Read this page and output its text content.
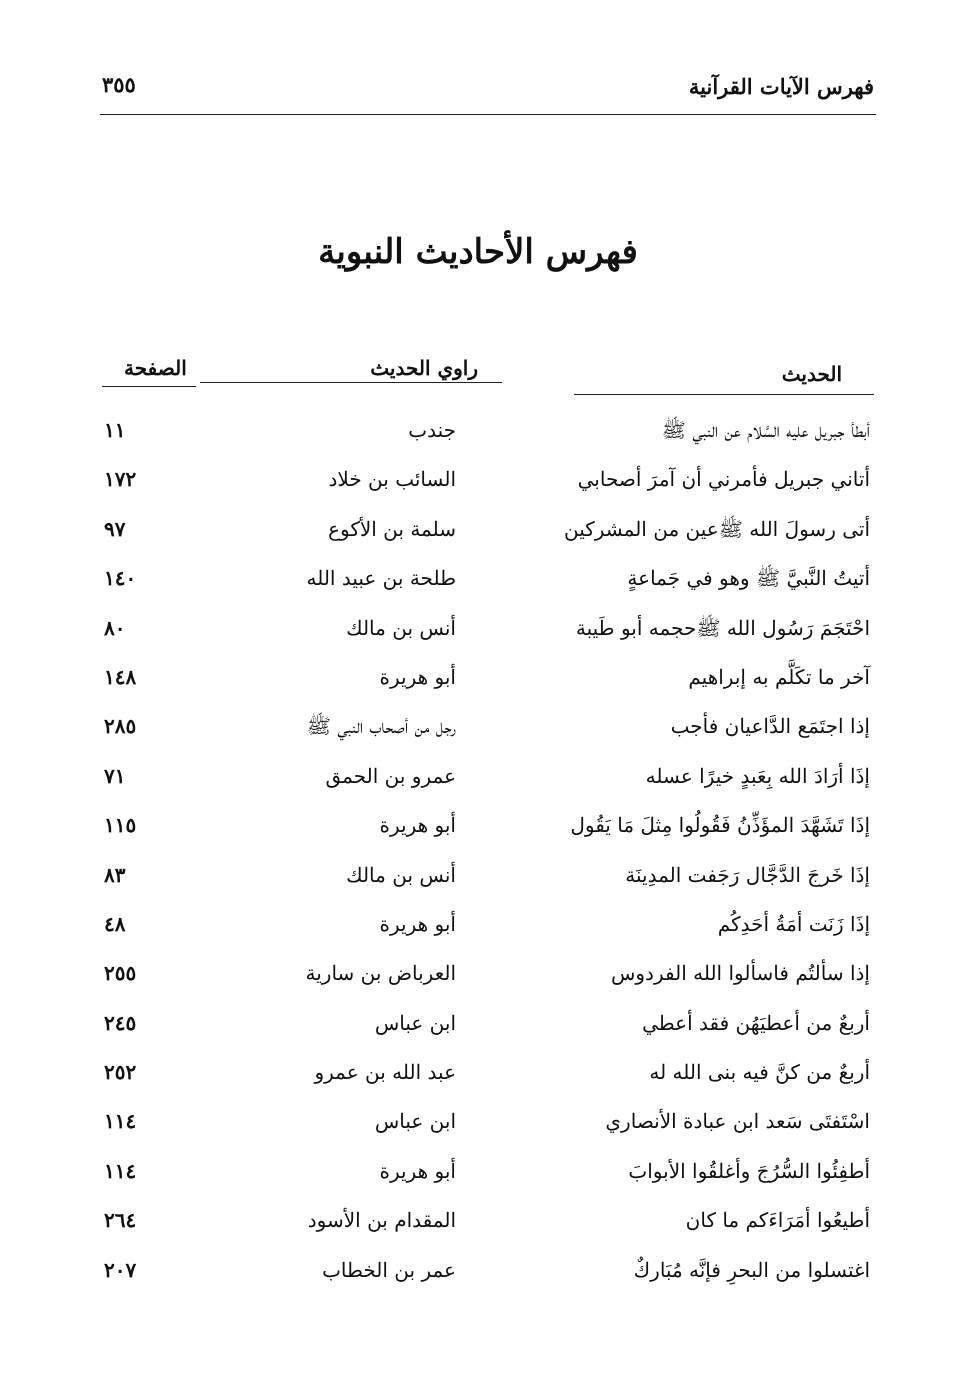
فهرس الآيات القرآنية
٣٥٥
فهرس الأحاديث النبوية
الحديث
راوي الحديث
الصفحة
أبطأ جبريل عليه السَّلام عن النبي ﷺ
جندب
١١
أتاني جبريل فأمرني أن آمرَ أصحابي
السائب بن خلاد
١٧٢
أتى رسولَ الله ﷺعين من المشركين
سلمة بن الأكوع
٩٧
أتيتُ النَّبيَّ ﷺ وهو في جَماعةٍ
طلحة بن عبيد الله
١٤٠
احْتَجَمَ رَسُول الله ﷺحجمه أبو طَيبة
أنس بن مالك
٨٠
آخر ما تكَلَّم به إبراهيم
أبو هريرة
١٤٨
إذا اجتَمَع الدَّاعيان فأجب
رجل من أصحاب النبي ﷺ
٢٨٥
إذَا أرَادَ الله بِعَبدٍ خيرًا عسله
عمرو بن الحمق
٧١
إذَا تَشَهَّدَ المؤَذِّنُ فَقُولُوا مِثلَ مَا يَقُول
أبو هريرة
١١٥
إذَا خَرجَ الدَّجَّال رَجَفت المدِينَة
أنس بن مالك
٨٣
إذَا زَنَت أمَةُ أحَدِكُم
أبو هريرة
٤٨
إذا سألتُم فاسألوا الله الفردوس
العرباض بن سارية
٢٥٥
أربعٌ من أعطيَهُن فقد أعطي
ابن عباس
٢٤٥
أربعٌ من كنَّ فيه بنى الله له
عبد الله بن عمرو
٢٥٢
اسْتَفتَى سَعد ابن عبادة الأنصاري
ابن عباس
١١٤
أطفِئُوا السُّرُجَ وأغلقُوا الأبوابَ
أبو هريرة
١١٤
أطيعُوا أمَرَاءَكم ما كان
المقدام بن الأسود
٢٦٤
اغتسلوا من البحرِ فإنَّه مُبَاركٌ
عمر بن الخطاب
٢٠٧
